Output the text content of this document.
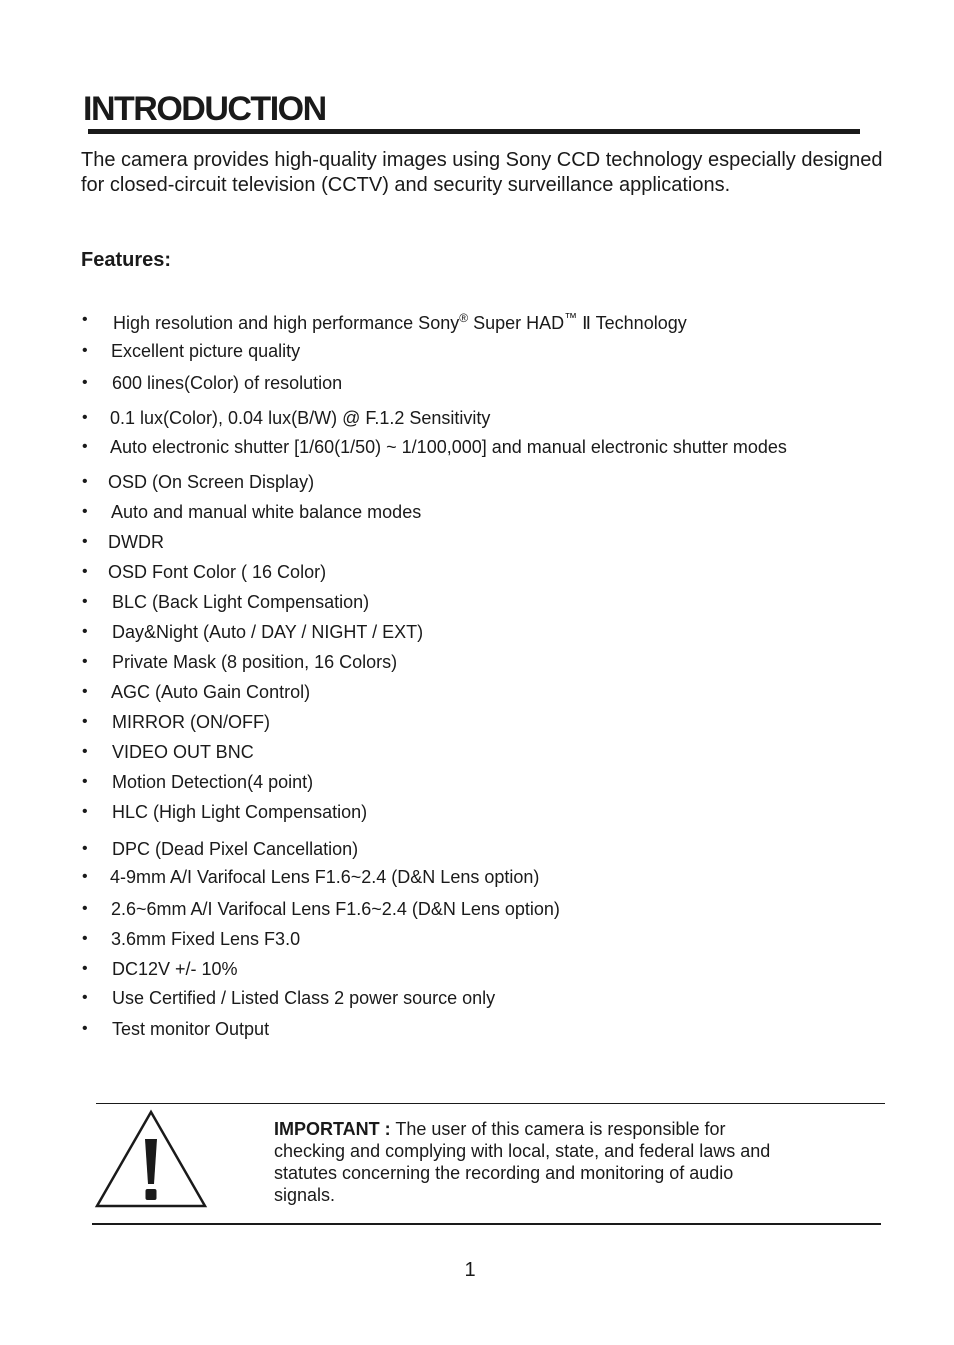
INTRODUCTION

The camera provides high-quality images using Sony CCD technology especially designed for closed-circuit television (CCTV) and security surveillance applications.

Features:
• High resolution and high performance Sony® Super HAD™ Ⅱ Technology
• Excellent picture quality
• 600 lines(Color) of resolution
• 0.1 lux(Color), 0.04 lux(B/W) @ F.1.2 Sensitivity
• Auto electronic shutter [1/60(1/50) ~ 1/100,000] and manual electronic shutter modes
• OSD (On Screen Display)
• Auto and manual white balance modes
• DWDR
• OSD Font Color ( 16 Color)
• BLC (Back Light Compensation)
• Day&Night (Auto / DAY / NIGHT / EXT)
• Private Mask (8 position, 16 Colors)
• AGC (Auto Gain Control)
• MIRROR (ON/OFF)
• VIDEO OUT BNC
• Motion Detection(4 point)
• HLC (High Light Compensation)
• DPC (Dead Pixel Cancellation)
• 4-9mm A/I Varifocal Lens F1.6~2.4 (D&N Lens option)
• 2.6~6mm A/I Varifocal Lens F1.6~2.4 (D&N Lens option)
• 3.6mm Fixed Lens F3.0
• DC12V +/- 10%
• Use Certified / Listed Class 2 power source only
• Test monitor Output

IMPORTANT : The user of this camera is responsible for checking and complying with local, state, and federal laws and statutes concerning the recording and monitoring of audio signals.

1
